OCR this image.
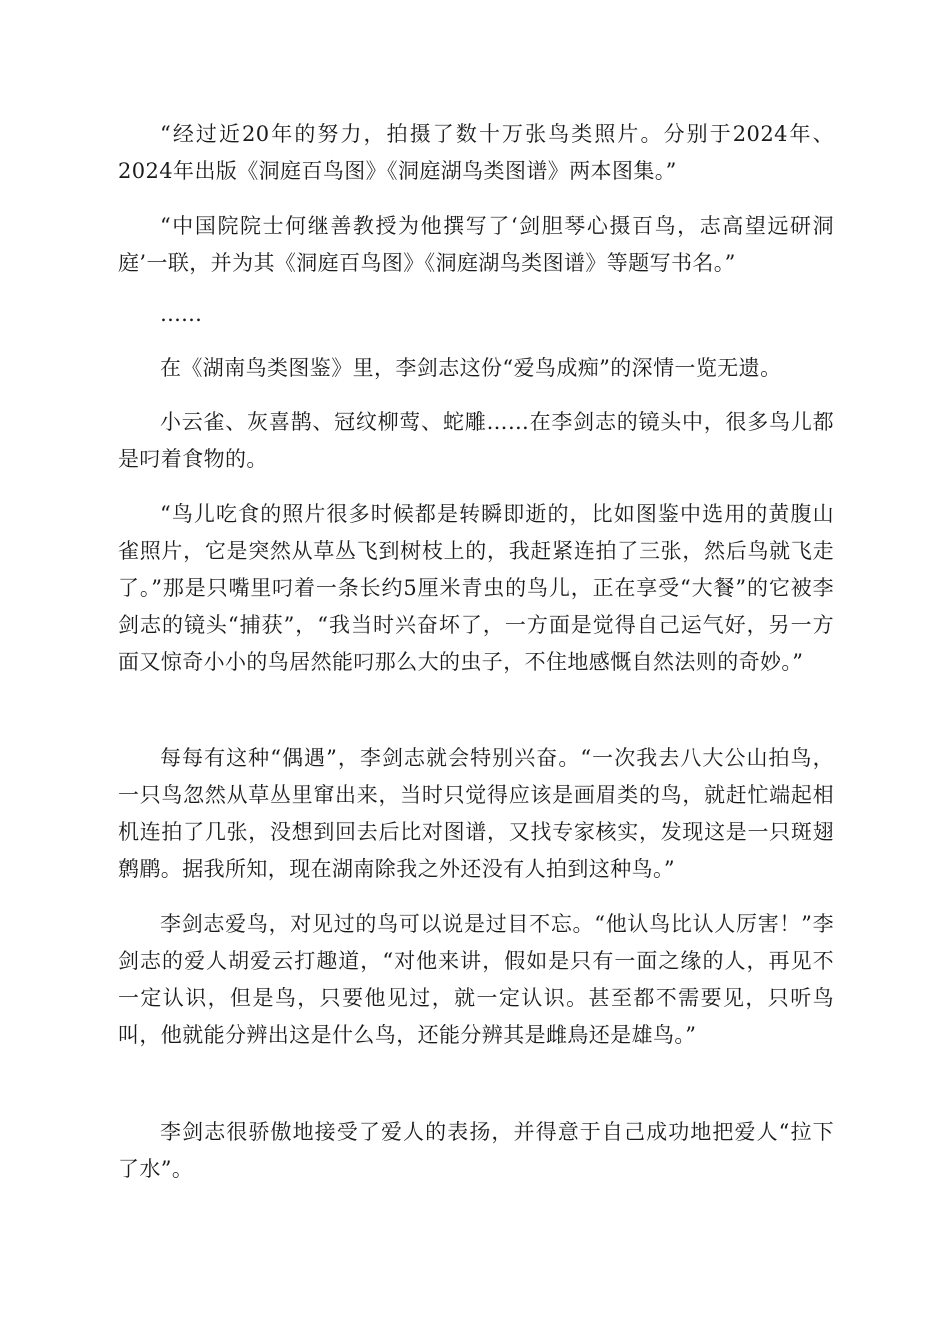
“经过近20年的努力，拍摄了数十万张鸟类照片。分别于2024年、2024年出版《洞庭百鸟图》《洞庭湖鸟类图谱》两本图集。”

“中国院院士何继善教授为他撰写了‘剑胆琴心摄百鸟，志高望远研洞庭’一联，并为其《洞庭百鸟图》《洞庭湖鸟类图谱》等题写书名。”

……

在《湖南鸟类图鉴》里，李剑志这份“爱鸟成痴”的深情一览无遗。

小云雀、灰喜鹊、冠纹柳莺、蛇雕……在李剑志的镜头中，很多鸟儿都是叼着食物的。

“鸟儿吃食的照片很多时候都是转瞬即逝的，比如图鉴中选用的黄腹山雀照片，它是突然从草丛飞到树枝上的，我赶紧连拍了三张，然后鸟就飞走了。”那是只嘴里叼着一条长约5厘米青虫的鸟儿，正在享受“大餐”的它被李剑志的镜头“捕获”，“我当时兴奋坏了，一方面是觉得自己运气好，另一方面又惊奇小小的鸟居然能叼那么大的虫子，不住地感慨自然法则的奇妙。”

每每有这种“偶遇”，李剑志就会特别兴奋。“一次我去八大公山拍鸟，一只鸟忽然从草丛里窜出来，当时只觉得应该是画眉类的鸟，就赶忙端起相机连拍了几张，没想到回去后比对图谱，又找专家核实，发现这是一只斑翅鹩鹛。据我所知，现在湖南除我之外还没有人拍到这种鸟。”

李剑志爱鸟，对见过的鸟可以说是过目不忘。“他认鸟比认人厉害！”李剑志的爱人胡爱云打趣道，“对他来讲，假如是只有一面之缘的人，再见不一定认识，但是鸟，只要他见过，就一定认识。甚至都不需要见，只听鸟叫，他就能分辨出这是什么鸟，还能分辨其是雌鳥还是雄鸟。”

李剑志很骄傲地接受了爱人的表扬，并得意于自己成功地把爱人“拉下了水”。
